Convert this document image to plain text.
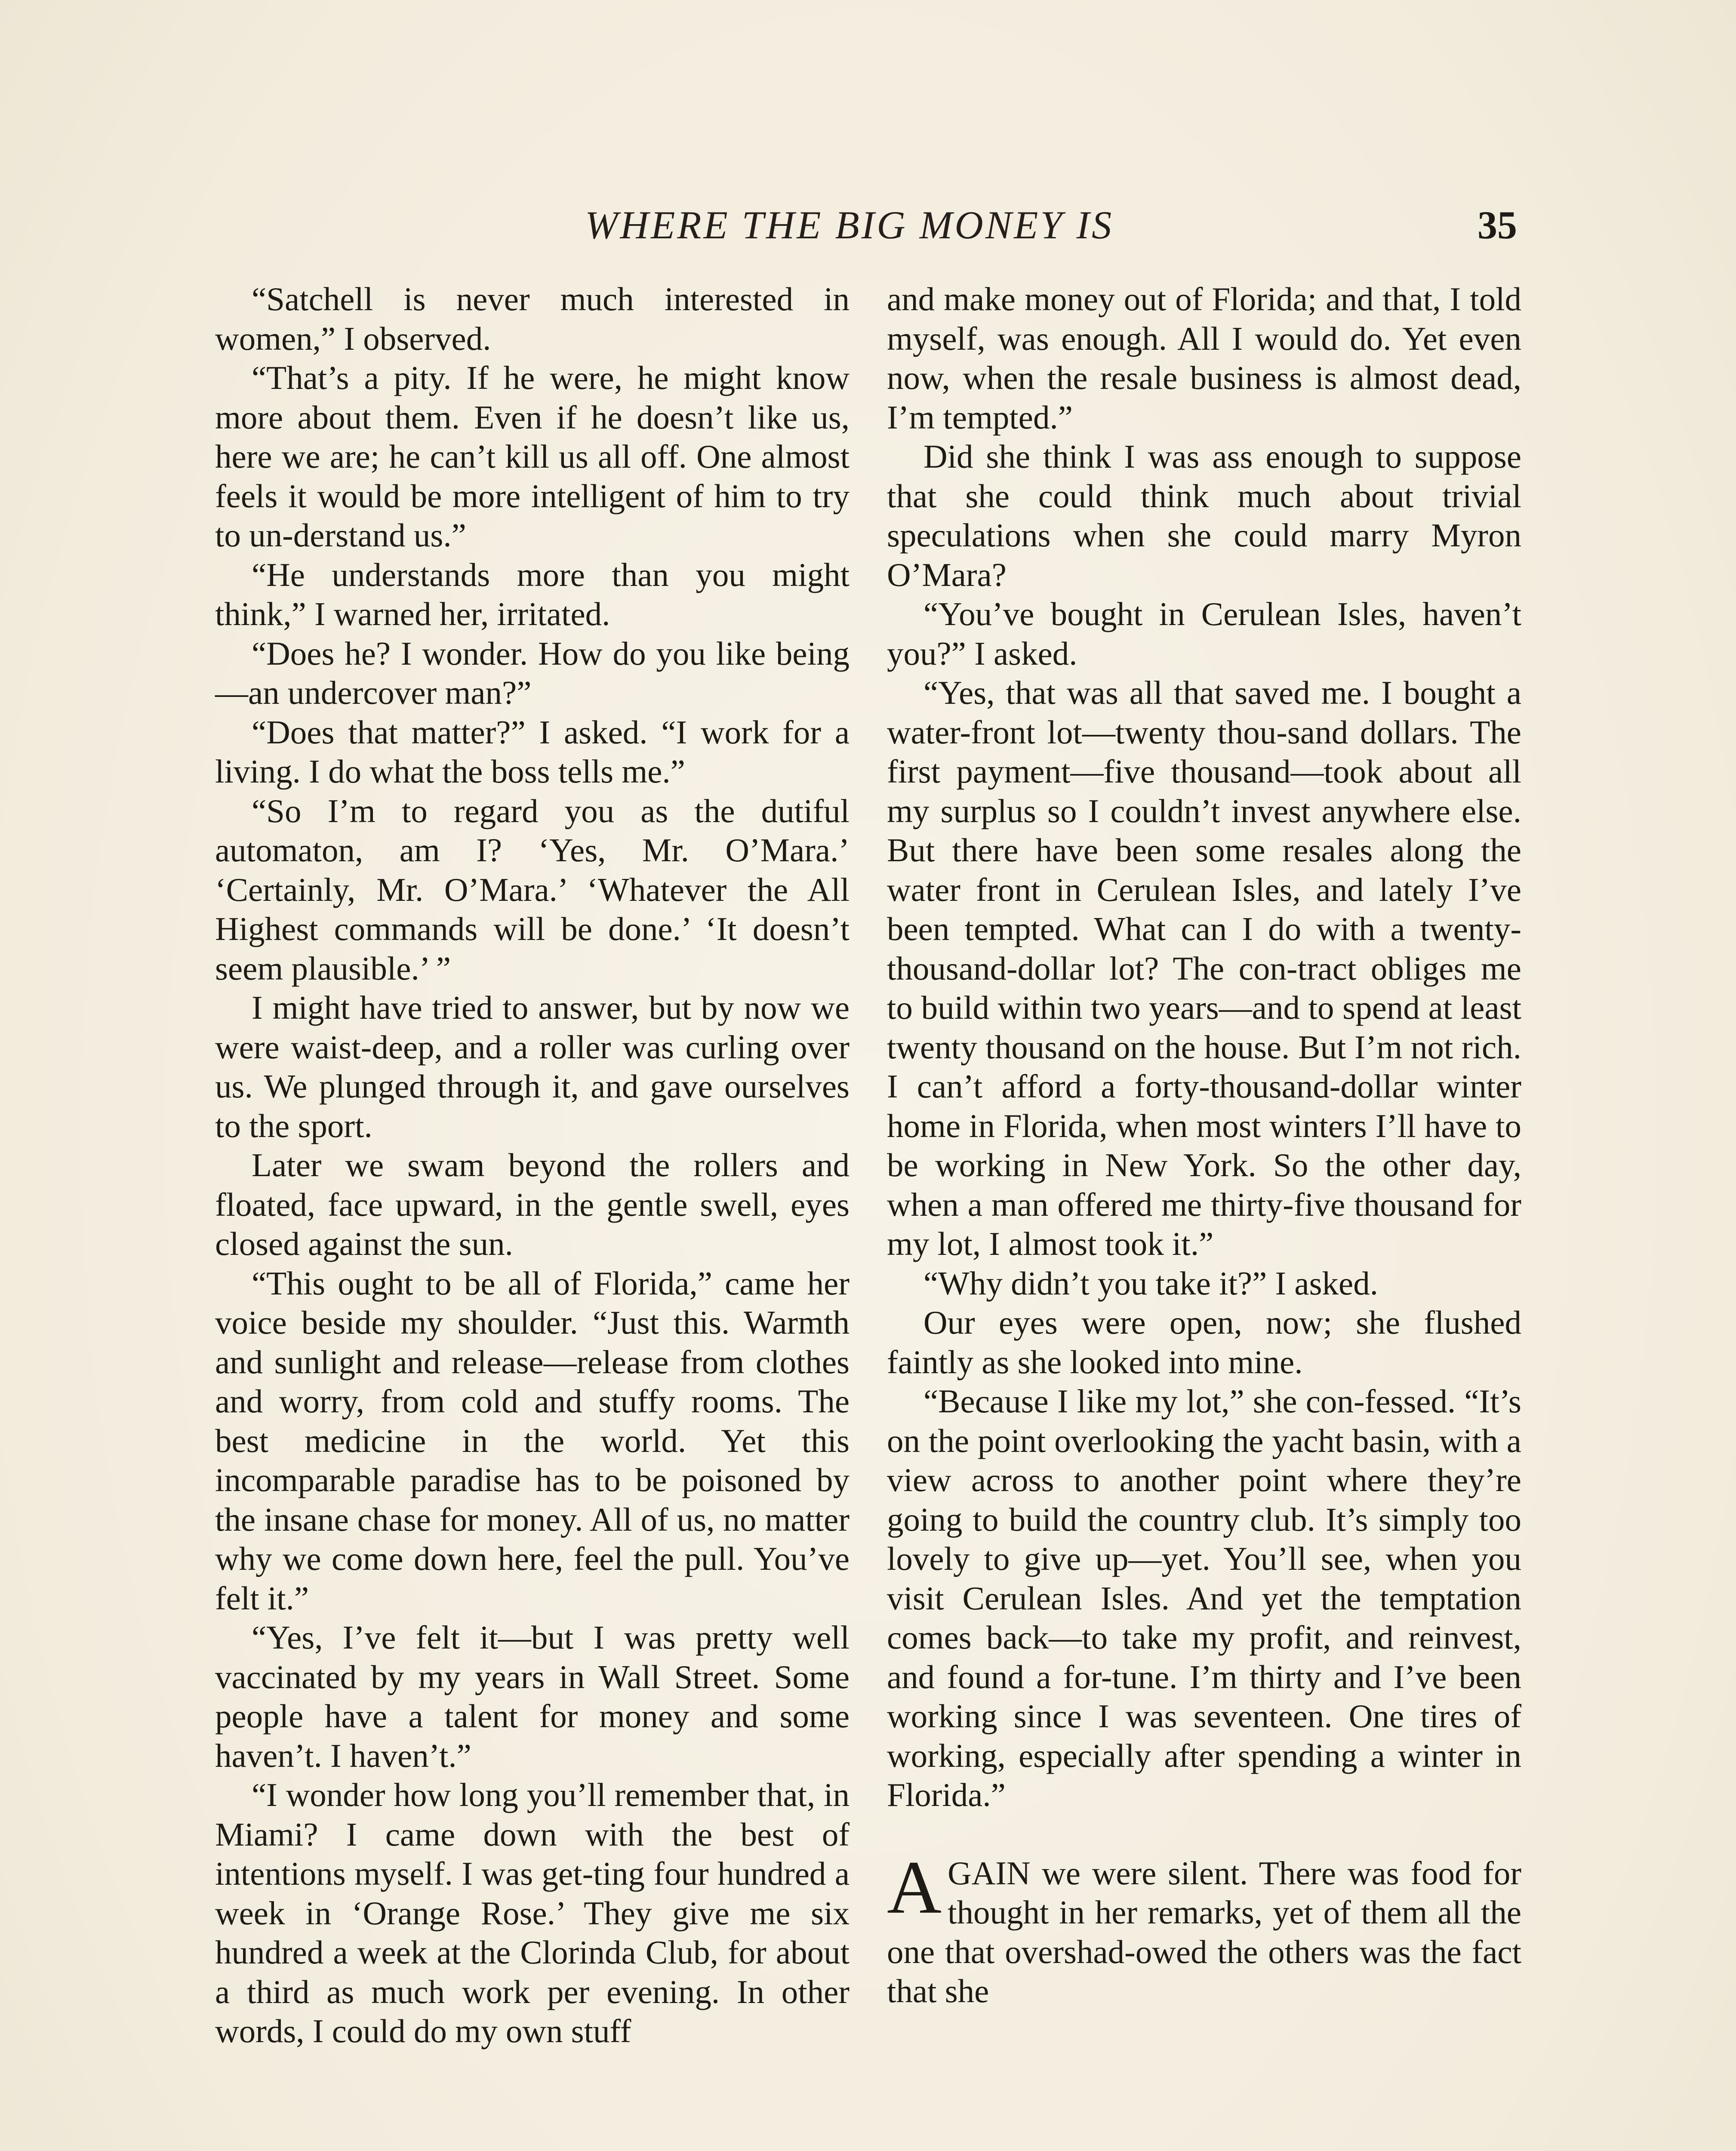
WHERE THE BIG MONEY IS	35

“Satchell is never much interested in women,” I observed.

“That’s a pity. If he were, he might know more about them. Even if he doesn’t like us, here we are; he can’t kill us all off. One almost feels it would be more intelligent of him to try to un-derstand us.”

“He understands more than you might think,” I warned her, irritated.

“Does he? I wonder. How do you like being—an undercover man?”

“Does that matter?” I asked. “I work for a living. I do what the boss tells me.”

“So I’m to regard you as the dutiful automaton, am I? ‘Yes, Mr. O’Mara.’ ‘Certainly, Mr. O’Mara.’ ‘Whatever the All Highest commands will be done.’ ‘It doesn’t seem plausible.’ ”

I might have tried to answer, but by now we were waist-deep, and a roller was curling over us. We plunged through it, and gave ourselves to the sport.

Later we swam beyond the rollers and floated, face upward, in the gentle swell, eyes closed against the sun.

“This ought to be all of Florida,” came her voice beside my shoulder. “Just this. Warmth and sunlight and release—release from clothes and worry, from cold and stuffy rooms. The best medicine in the world. Yet this incomparable paradise has to be poisoned by the insane chase for money. All of us, no matter why we come down here, feel the pull. You’ve felt it.”

“Yes, I’ve felt it—but I was pretty well vaccinated by my years in Wall Street. Some people have a talent for money and some haven’t. I haven’t.”

“I wonder how long you’ll remember that, in Miami? I came down with the best of intentions myself. I was get-ting four hundred a week in ‘Orange Rose.’ They give me six hundred a week at the Clorinda Club, for about a third as much work per evening. In other words, I could do my own stuff

and make money out of Florida; and that, I told myself, was enough. All I would do. Yet even now, when the resale business is almost dead, I’m tempted.”

Did she think I was ass enough to suppose that she could think much about trivial speculations when she could marry Myron O’Mara?

“You’ve bought in Cerulean Isles, haven’t you?” I asked.

“Yes, that was all that saved me. I bought a water-front lot—twenty thou-sand dollars. The first payment—five thousand—took about all my surplus so I couldn’t invest anywhere else. But there have been some resales along the water front in Cerulean Isles, and lately I’ve been tempted. What can I do with a twenty-thousand-dollar lot? The con-tract obliges me to build within two years—and to spend at least twenty thousand on the house. But I’m not rich. I can’t afford a forty-thousand-dollar winter home in Florida, when most winters I’ll have to be working in New York. So the other day, when a man offered me thirty-five thousand for my lot, I almost took it.”

“Why didn’t you take it?” I asked.

Our eyes were open, now; she flushed faintly as she looked into mine.

“Because I like my lot,” she con-fessed. “It’s on the point overlooking the yacht basin, with a view across to another point where they’re going to build the country club. It’s simply too lovely to give up—yet. You’ll see, when you visit Cerulean Isles. And yet the temptation comes back—to take my profit, and reinvest, and found a for-tune. I’m thirty and I’ve been working since I was seventeen. One tires of working, especially after spending a winter in Florida.”

AGAIN we were silent. There was food for thought in her remarks, yet of them all the one that overshad-owed the others was the fact that she
